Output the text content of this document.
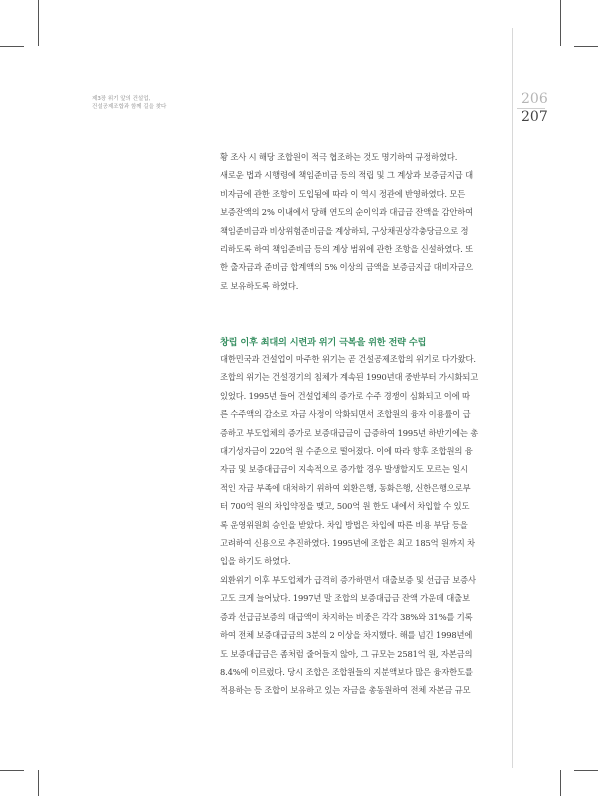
제3장 위기 앞의 건설업,
건설공제조합과 함께 길을 찾다	206
207
황 조사 시 해당 조합원이 적극 협조하는 것도 명기하여 규정하였다.
새로운 법과 시행령에 책임준비금 등의 적립 및 그 계상과 보증금지급 대
비자금에 관한 조항이 도입됨에 따라 이 역시 정관에 반영하였다. 모든
보증잔액의 2% 이내에서 당해 연도의 순이익과 대급금 잔액을 감안하여
책임준비금과 비상위험준비금을 계상하되, 구상채권상각충당금으로 정
리하도록 하여 책임준비금 등의 계상 범위에 관한 조항을 신설하였다. 또
한 출자금과 준비금 합계액의 5% 이상의 금액을 보증금지급 대비자금으
로 보유하도록 하였다.
창립 이후 최대의 시련과 위기 극복을 위한 전략 수립
대한민국과 건설업이 마주한 위기는 곧 건설공제조합의 위기로 다가왔다.
조합의 위기는 건설경기의 침체가 계속된 1990년대 중반부터 가시화되고
있었다. 1995년 들어 건설업체의 증가로 수주 경쟁이 심화되고 이에 따
른 수주액의 감소로 자금 사정이 악화되면서 조합원의 융자 이용률이 급
증하고 부도업체의 증가로 보증대급금이 급증하여 1995년 하반기에는 총
대기성자금이 220억 원 수준으로 떨어졌다. 이에 따라 향후 조합원의 융
자금 및 보증대급금이 지속적으로 증가할 경우 발생할지도 모르는 일시
적인 자금 부족에 대처하기 위하여 외환은행, 동화은행, 신한은행으로부
터 700억 원의 차입약정을 맺고, 500억 원 한도 내에서 차입할 수 있도
록 운영위원회 승인을 받았다. 차입 방법은 차입에 따른 비용 부담 등을
고려하여 신용으로 추진하였다. 1995년에 조합은 최고 185억 원까지 차
입을 하기도 하였다.
외환위기 이후 부도업체가 급격히 증가하면서 대출보증 및 선급금 보증사
고도 크게 늘어났다. 1997년 말 조합의 보증대급금 잔액 가운데 대출보
증과 선급금보증의 대급액이 차지하는 비중은 각각 38%와 31%를 기록
하여 전체 보증대급금의 3분의 2 이상을 차지했다. 해를 넘긴 1998년에
도 보증대급금은 좀처럼 줄어들지 않아, 그 규모는 2581억 원, 자본금의
8.4%에 이르렀다. 당시 조합은 조합원들의 지분액보다 많은 융자한도를
적용하는 등 조합이 보유하고 있는 자금을 총동원하여 전체 자본금 규모
